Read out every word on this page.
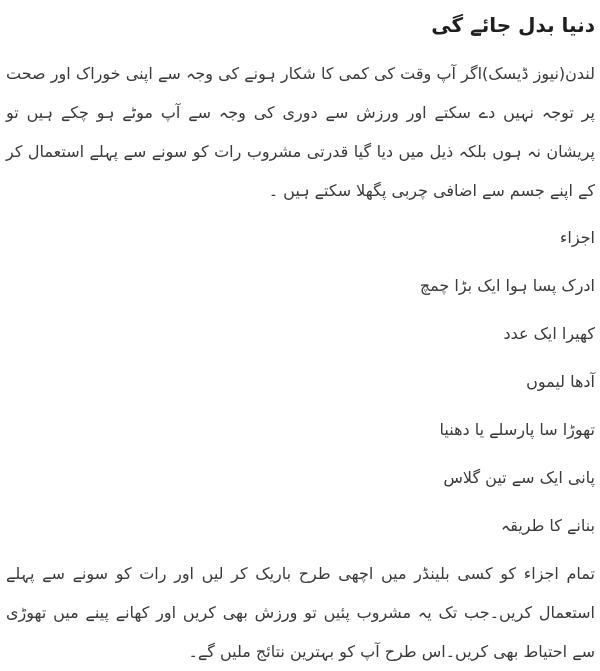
دنیا بدل جائے گی

لندن(نیوز ڈیسک)اگر آپ وقت کی کمی کا شکار ہونے کی وجہ سے اپنی خوراک اور صحت پر توجہ نہیں دے سکتے اور ورزش سے دوری کی وجہ سے آپ موٹے ہو چکے ہیں تو پریشان نہ ہوں بلکہ ذیل میں دیا گیا قدرتی مشروب رات کو سونے سے پہلے استعمال کر کے اپنے جسم سے اضافی چربی پگھلا سکتے ہیں ۔

اجزاء
ادرک پسا ہوا ایک بڑا چمچ
کھیرا ایک عدد
آدھا لیموں
تھوڑا سا پارسلے یا دھنیا
پانی ایک سے تین گلاس
بنانے کا طریقہ

تمام اجزاء کو کسی بلینڈر میں اچھی طرح باریک کر لیں اور رات کو سونے سے پہلے استعمال کریں۔جب تک یہ مشروب پئیں تو ورزش بھی کریں اور کھانے پینے میں تھوڑی سے احتیاط بھی کریں۔اس طرح آپ کو بہترین نتائج ملیں گے۔
